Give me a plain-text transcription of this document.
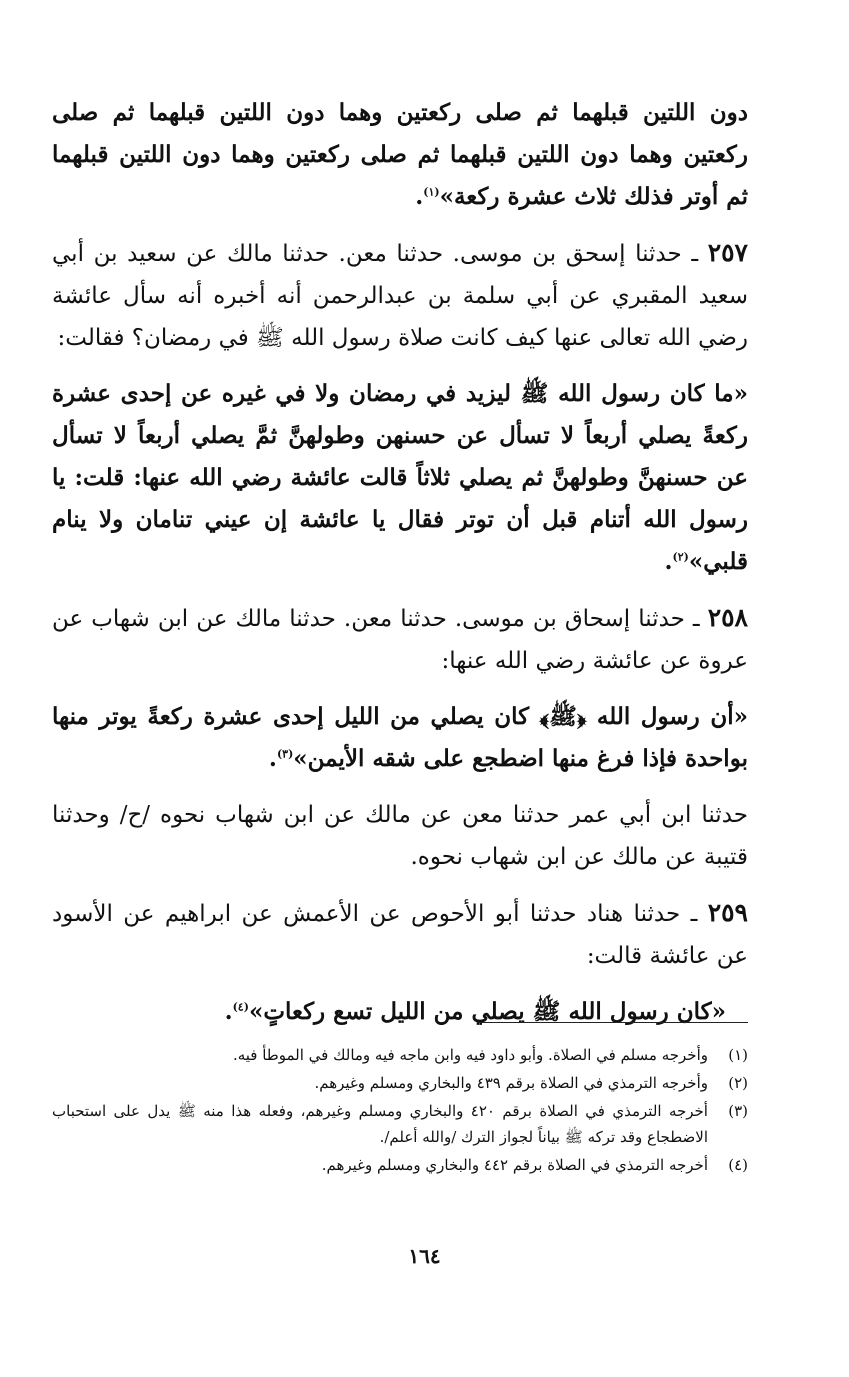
دون اللتين قبلهما ثم صلى ركعتين وهما دون اللتين قبلهما ثم صلى ركعتين وهما دون اللتين قبلهما ثم صلى ركعتين وهما دون اللتين قبلهما ثم أوتر فذلك ثلاث عشرة ركعة»$^{(١)}$.

٢٥٧ ـ حدثنا إسحق بن موسى. حدثنا معن. حدثنا مالك عن سعيد بن أبي سعيد المقبري عن أبي سلمة بن عبدالرحمن أنه أخبره أنه سأل عائشة رضي الله تعالى عنها كيف كانت صلاة رسول الله ﷺ في رمضان؟ فقالت:

«ما كان رسول الله ﷺ ليزيد في رمضان ولا في غيره عن إحدى عشرة ركعةً يصلي أربعاً لا تسأل عن حسنهن وطولهنَّ ثمَّ يصلي أربعاً لا تسأل عن حسنهنَّ وطولهنَّ ثم يصلي ثلاثاً قالت عائشة رضي الله عنها: قلت: يا رسول الله أتنام قبل أن توتر فقال يا عائشة إن عيني تنامان ولا ينام قلبي»$^{(٢)}$.

٢٥٨ ـ حدثنا إسحاق بن موسى. حدثنا معن. حدثنا مالك عن ابن شهاب عن عروة عن عائشة رضي الله عنها:

«أن رسول الله ﴿ﷺ﴾ كان يصلي من الليل إحدى عشرة ركعةً يوتر منها بواحدة فإذا فرغ منها اضطجع على شقه الأيمن»$^{(٣)}$.

حدثنا ابن أبي عمر حدثنا معن عن مالك عن ابن شهاب نحوه /ح/ وحدثنا قتيبة عن مالك عن ابن شهاب نحوه.

٢٥٩ ـ حدثنا هناد حدثنا أبو الأحوص عن الأعمش عن ابراهيم عن الأسود عن عائشة قالت:

«كان رسول الله ﷺ يصلي من الليل تسع ركعاتٍ»$^{(٤)}$.

(١)
وأخرجه مسلم في الصلاة. وأبو داود فيه وابن ماجه فيه ومالك في الموطأ فيه.
(٢)
وأخرجه الترمذي في الصلاة برقم ٤٣٩ والبخاري ومسلم وغيرهم.
(٣)
أخرجه الترمذي في الصلاة برقم ٤٢٠ والبخاري ومسلم وغيرهم، وفعله هذا منه ﷺ يدل على استحباب الاضطجاع وقد تركه ﷺ بياناً لجواز الترك /والله أعلم/.
(٤)
أخرجه الترمذي في الصلاة برقم ٤٤٢ والبخاري ومسلم وغيرهم.
١٦٤
